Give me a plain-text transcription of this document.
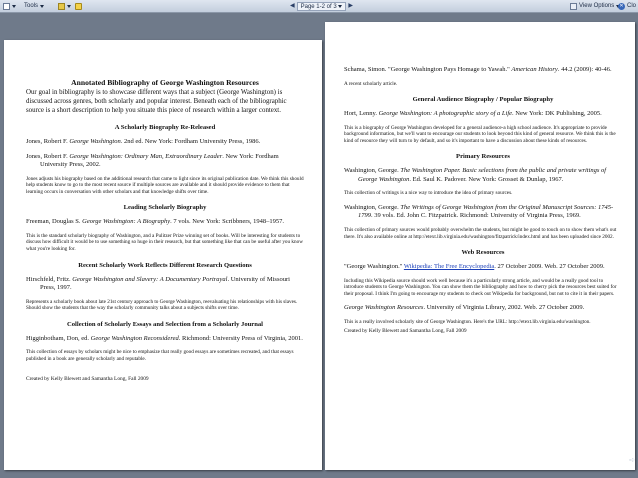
Tools	◀	Page 1-2 of 3	▶	View Options ✕ Clo
Annotated Bibliography of George Washington Resources
Our goal in bibliography is to showcase different ways that a subject (George Washington) is discussed across genres, both scholarly and popular interest. Beneath each of the bibliographic source is a short description to help you situate this piece of research within a larger context.
A Scholarly Biography Re-Released
Jones, Robert F. George Washington. 2nd ed. New York: Fordham University Press, 1986.
Jones, Robert F. George Washington: Ordinary Man, Extraordinary Leader. New York: Fordham University Press, 2002.
Jones adjusts his biography based on the additional research that came to light since its original publication date. We think this should help students know to go to the most recent source if multiple sources are available and it should provide evidence to them that learning occurs in conversation with other scholars and that knowledge shifts over time.
Leading Scholarly Biography
Freeman, Douglas S. George Washington: A Biography. 7 vols. New York: Scribbners, 1948–1957.
This is the standard scholarly biography of Washington, and a Pulitzer Prize winning set of books. Will be interesting for students to discuss how difficult it would be to use something so huge in their research, but that something like that can be useful after you know what you're looking for.
Recent Scholarly Work Reflects Different Research Questions
Hirschfeld, Fritz. George Washington and Slavery: A Documentary Portrayal. University of Missouri Press, 1997.
Represents a scholarly book about late 21st century approach to George Washington, reevaluating his relationships with his slaves. Should show the students that the way the scholarly community talks about a subjects shifts over time.
Collection of Scholarly Essays and Selection from a Scholarly Journal
Higginbotham, Don, ed. George Washington Reconsidered. Richmond: University Press of Virginia, 2001.
This collection of essays by scholars might be nice to emphasize that really good essays are sometimes recreated, and that essays published in a book are generally scholarly and reputable.
Created by Kelly Blewett and Samantha Long, Fall 2009
Schama, Simon. "George Washington Pays Homage to Yawah." American History. 44.2 (2009): 40-46.
A recent scholarly article.
General Audience Biography / Popular Biography
Hort, Lenny. George Washington: A photographic story of a Life. New York: DK Publishing, 2005.
This is a biography of George Washington developed for a general audience-a high school audience. It's appropriate to provide background information, but we'll want to encourage our students to look beyond this kind of general resource. We think this is the kind of resource they will turn to by default, and so it's important to have a discussion about these kinds of resources.
Primary Resources
Washington, George. The Washington Paper. Basic selections from the public and private writings of George Washington. Ed. Saul K. Padover. New York: Grosset & Dunlap, 1967.
This collection of writings is a nice way to introduce the idea of primary sources.
Washington, George. The Writings of George Washington from the Original Manuscript Sources: 1745-1799. 39 vols. Ed. John C. Fitzpatrick. Richmond: University of Virginia Press, 1969.
This collection of primary sources would probably overwhelm the students, but might be good to touch on to show them what's out there. It's also available online at http://etext.lib.virginia.edu/washington/fitzpatrick/index.html and has been uploaded since 2002.
Web Resources
"George Washington." Wikipedia: The Free Encyclopedia. 27 October 2009. Web. 27 October 2009.
Including this Wikipedia source should work well because it's a particularly strong article, and would be a really good tool to introduce students to George Washington. You can show them the bibliography and how to cherry pick the resources best suited for their proposal. I think I'm going to encourage my students to check out Wikipedia for background, but not to cite it in their papers.
George Washington Resources. University of Virginia Library, 2002. Web. 27 October 2009.
This is a really involved scholarly site of George Washington. Here's the URL: http://etext.lib.virginia.edu/washington.
Created by Kelly Blewett and Samantha Long, Fall 2009
➪
